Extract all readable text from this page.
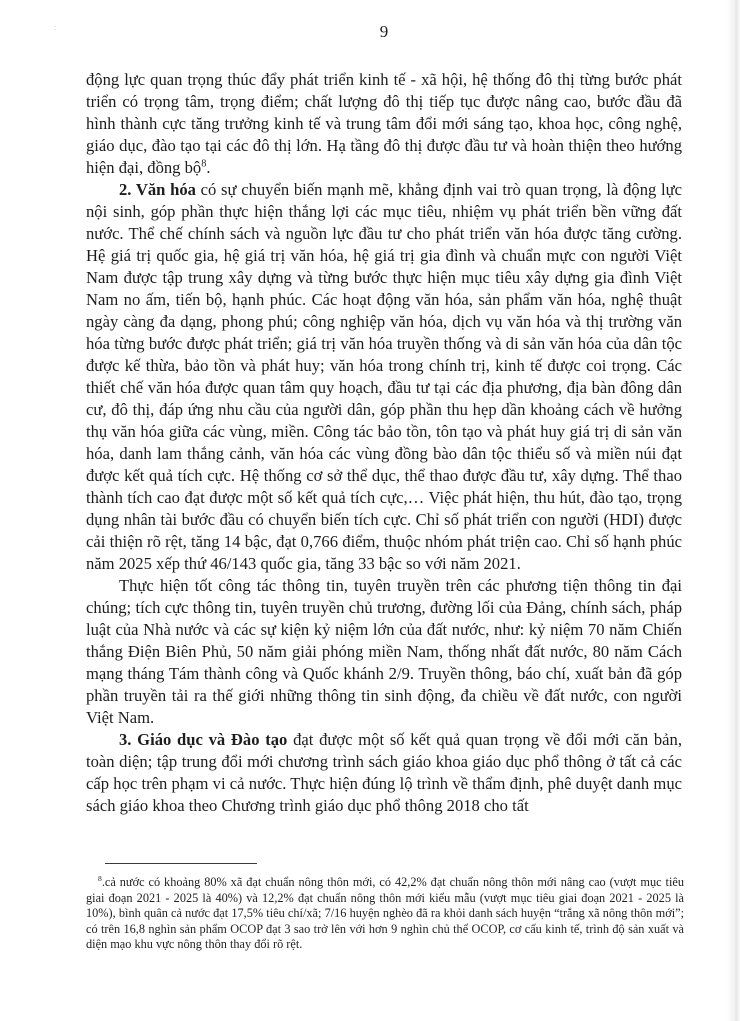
. .	9

động lực quan trọng thúc đẩy phát triển kinh tế - xã hội, hệ thống đô thị từng bước phát triển có trọng tâm, trọng điểm; chất lượng đô thị tiếp tục được nâng cao, bước đầu đã hình thành cực tăng trưởng kinh tế và trung tâm đổi mới sáng tạo, khoa học, công nghệ, giáo dục, đào tạo tại các đô thị lớn. Hạ tầng đô thị được đầu tư và hoàn thiện theo hướng hiện đại, đồng bộ$^8$.

2. Văn hóa có sự chuyển biến mạnh mẽ, khẳng định vai trò quan trọng, là động lực nội sinh, góp phần thực hiện thắng lợi các mục tiêu, nhiệm vụ phát triển bền vững đất nước. Thể chế chính sách và nguồn lực đầu tư cho phát triển văn hóa được tăng cường. Hệ giá trị quốc gia, hệ giá trị văn hóa, hệ giá trị gia đình và chuẩn mực con người Việt Nam được tập trung xây dựng và từng bước thực hiện mục tiêu xây dựng gia đình Việt Nam no ấm, tiến bộ, hạnh phúc. Các hoạt động văn hóa, sản phẩm văn hóa, nghệ thuật ngày càng đa dạng, phong phú; công nghiệp văn hóa, dịch vụ văn hóa và thị trường văn hóa từng bước được phát triển; giá trị văn hóa truyền thống và di sản văn hóa của dân tộc được kế thừa, bảo tồn và phát huy; văn hóa trong chính trị, kinh tế được coi trọng. Các thiết chế văn hóa được quan tâm quy hoạch, đầu tư tại các địa phương, địa bàn đông dân cư, đô thị, đáp ứng nhu cầu của người dân, góp phần thu hẹp dần khoảng cách về hưởng thụ văn hóa giữa các vùng, miền. Công tác bảo tồn, tôn tạo và phát huy giá trị di sản văn hóa, danh lam thắng cảnh, văn hóa các vùng đồng bào dân tộc thiểu số và miền núi đạt được kết quả tích cực. Hệ thống cơ sở thể dục, thể thao được đầu tư, xây dựng. Thể thao thành tích cao đạt được một số kết quả tích cực,… Việc phát hiện, thu hút, đào tạo, trọng dụng nhân tài bước đầu có chuyển biến tích cực. Chỉ số phát triển con người (HDI) được cải thiện rõ rệt, tăng 14 bậc, đạt 0,766 điểm, thuộc nhóm phát triện cao. Chỉ số hạnh phúc năm 2025 xếp thứ 46/143 quốc gia, tăng 33 bậc so với năm 2021.

Thực hiện tốt công tác thông tin, tuyên truyền trên các phương tiện thông tin đại chúng; tích cực thông tin, tuyên truyền chủ trương, đường lối của Đảng, chính sách, pháp luật của Nhà nước và các sự kiện kỷ niệm lớn của đất nước, như: kỷ niệm 70 năm Chiến thắng Điện Biên Phủ, 50 năm giải phóng miền Nam, thống nhất đất nước, 80 năm Cách mạng tháng Tám thành công và Quốc khánh 2/9. Truyền thông, báo chí, xuất bản đã góp phần truyền tải ra thế giới những thông tin sinh động, đa chiều về đất nước, con người Việt Nam.

3. Giáo dục và Đào tạo đạt được một số kết quả quan trọng về đổi mới căn bản, toàn diện; tập trung đổi mới chương trình sách giáo khoa giáo dục phổ thông ở tất cả các cấp học trên phạm vi cả nước. Thực hiện đúng lộ trình về thẩm định, phê duyệt danh mục sách giáo khoa theo Chương trình giáo dục phổ thông 2018 cho tất

$^8$.cả nước có khoảng 80% xã đạt chuẩn nông thôn mới, có 42,2% đạt chuẩn nông thôn mới nâng cao (vượt mục tiêu giai đoạn 2021 - 2025 là 40%) và 12,2% đạt chuẩn nông thôn mới kiểu mẫu (vượt mục tiêu giai đoạn 2021 - 2025 là 10%), bình quân cả nước đạt 17,5% tiêu chí/xã; 7/16 huyện nghèo đã ra khỏi danh sách huyện “trắng xã nông thôn mới”; có trên 16,8 nghìn sản phẩm OCOP đạt 3 sao trở lên với hơn 9 nghìn chủ thể OCOP, cơ cấu kinh tế, trình độ sản xuất và diện mạo khu vực nông thôn thay đổi rõ rệt.
